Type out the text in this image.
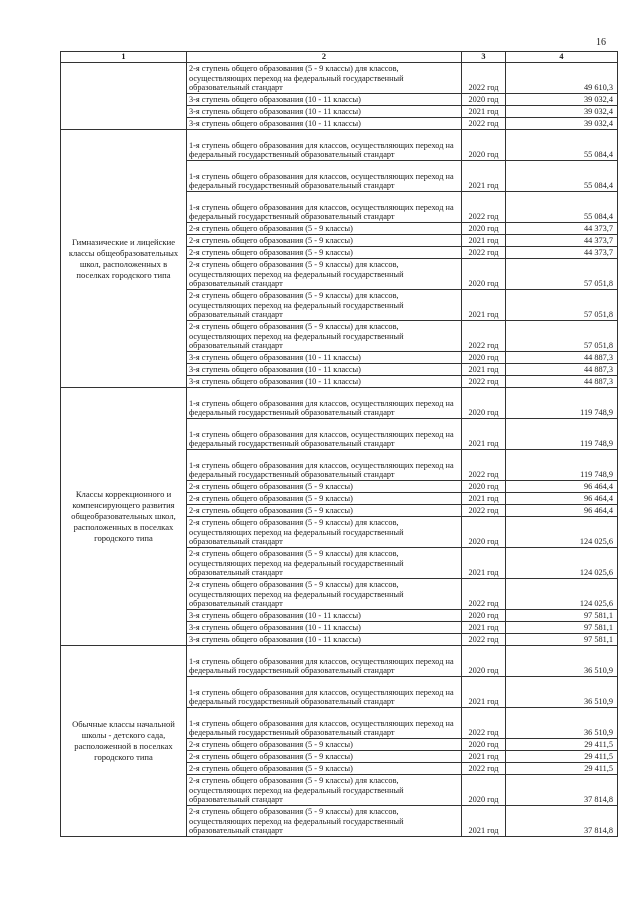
16
1	2	3	4
	2-я ступень общего образования (5 - 9 классы) для классов, осуществляющих переход на федеральный государственный образовательный стандарт	2022 год	49 610,3
	3-я ступень общего образования (10 - 11 классы)	2020 год	39 032,4
	3-я ступень общего образования (10 - 11 классы)	2021 год	39 032,4
	3-я ступень общего образования (10 - 11 классы)	2022 год	39 032,4
Гимназические и лицейские классы общеобразовательных школ, расположенных в поселках городского типа	1-я ступень общего образования для классов, осуществляющих переход на федеральный государственный образовательный стандарт	2020 год	55 084,4
	1-я ступень общего образования для классов, осуществляющих переход на федеральный государственный образовательный стандарт	2021 год	55 084,4
	1-я ступень общего образования для классов, осуществляющих переход на федеральный государственный образовательный стандарт	2022 год	55 084,4
	2-я ступень общего образования (5 - 9 классы)	2020 год	44 373,7
	2-я ступень общего образования (5 - 9 классы)	2021 год	44 373,7
	2-я ступень общего образования (5 - 9 классы)	2022 год	44 373,7
	2-я ступень общего образования (5 - 9 классы) для классов, осуществляющих переход на федеральный государственный образовательный стандарт	2020 год	57 051,8
	2-я ступень общего образования (5 - 9 классы) для классов, осуществляющих переход на федеральный государственный образовательный стандарт	2021 год	57 051,8
	2-я ступень общего образования (5 - 9 классы) для классов, осуществляющих переход на федеральный государственный образовательный стандарт	2022 год	57 051,8
	3-я ступень общего образования (10 - 11 классы)	2020 год	44 887,3
	3-я ступень общего образования (10 - 11 классы)	2021 год	44 887,3
	3-я ступень общего образования (10 - 11 классы)	2022 год	44 887,3
Классы коррекционного и компенсирующего развития общеобразовательных школ, расположенных в поселках городского типа	1-я ступень общего образования для классов, осуществляющих переход на федеральный государственный образовательный стандарт	2020 год	119 748,9
	1-я ступень общего образования для классов, осуществляющих переход на федеральный государственный образовательный стандарт	2021 год	119 748,9
	1-я ступень общего образования для классов, осуществляющих переход на федеральный государственный образовательный стандарт	2022 год	119 748,9
	2-я ступень общего образования (5 - 9 классы)	2020 год	96 464,4
	2-я ступень общего образования (5 - 9 классы)	2021 год	96 464,4
	2-я ступень общего образования (5 - 9 классы)	2022 год	96 464,4
	2-я ступень общего образования (5 - 9 классы) для классов, осуществляющих переход на федеральный государственный образовательный стандарт	2020 год	124 025,6
	2-я ступень общего образования (5 - 9 классы) для классов, осуществляющих переход на федеральный государственный образовательный стандарт	2021 год	124 025,6
	2-я ступень общего образования (5 - 9 классы) для классов, осуществляющих переход на федеральный государственный образовательный стандарт	2022 год	124 025,6
	3-я ступень общего образования (10 - 11 классы)	2020 год	97 581,1
	3-я ступень общего образования (10 - 11 классы)	2021 год	97 581,1
	3-я ступень общего образования (10 - 11 классы)	2022 год	97 581,1
Обычные классы начальной школы - детского сада, расположенной в поселках городского типа	1-я ступень общего образования для классов, осуществляющих переход на федеральный государственный образовательный стандарт	2020 год	36 510,9
	1-я ступень общего образования для классов, осуществляющих переход на федеральный государственный образовательный стандарт	2021 год	36 510,9
	1-я ступень общего образования для классов, осуществляющих переход на федеральный государственный образовательный стандарт	2022 год	36 510,9
	2-я ступень общего образования (5 - 9 классы)	2020 год	29 411,5
	2-я ступень общего образования (5 - 9 классы)	2021 год	29 411,5
	2-я ступень общего образования (5 - 9 классы)	2022 год	29 411,5
	2-я ступень общего образования (5 - 9 классы) для классов, осуществляющих переход на федеральный государственный образовательный стандарт	2020 год	37 814,8
	2-я ступень общего образования (5 - 9 классы) для классов, осуществляющих переход на федеральный государственный образовательный стандарт	2021 год	37 814,8
